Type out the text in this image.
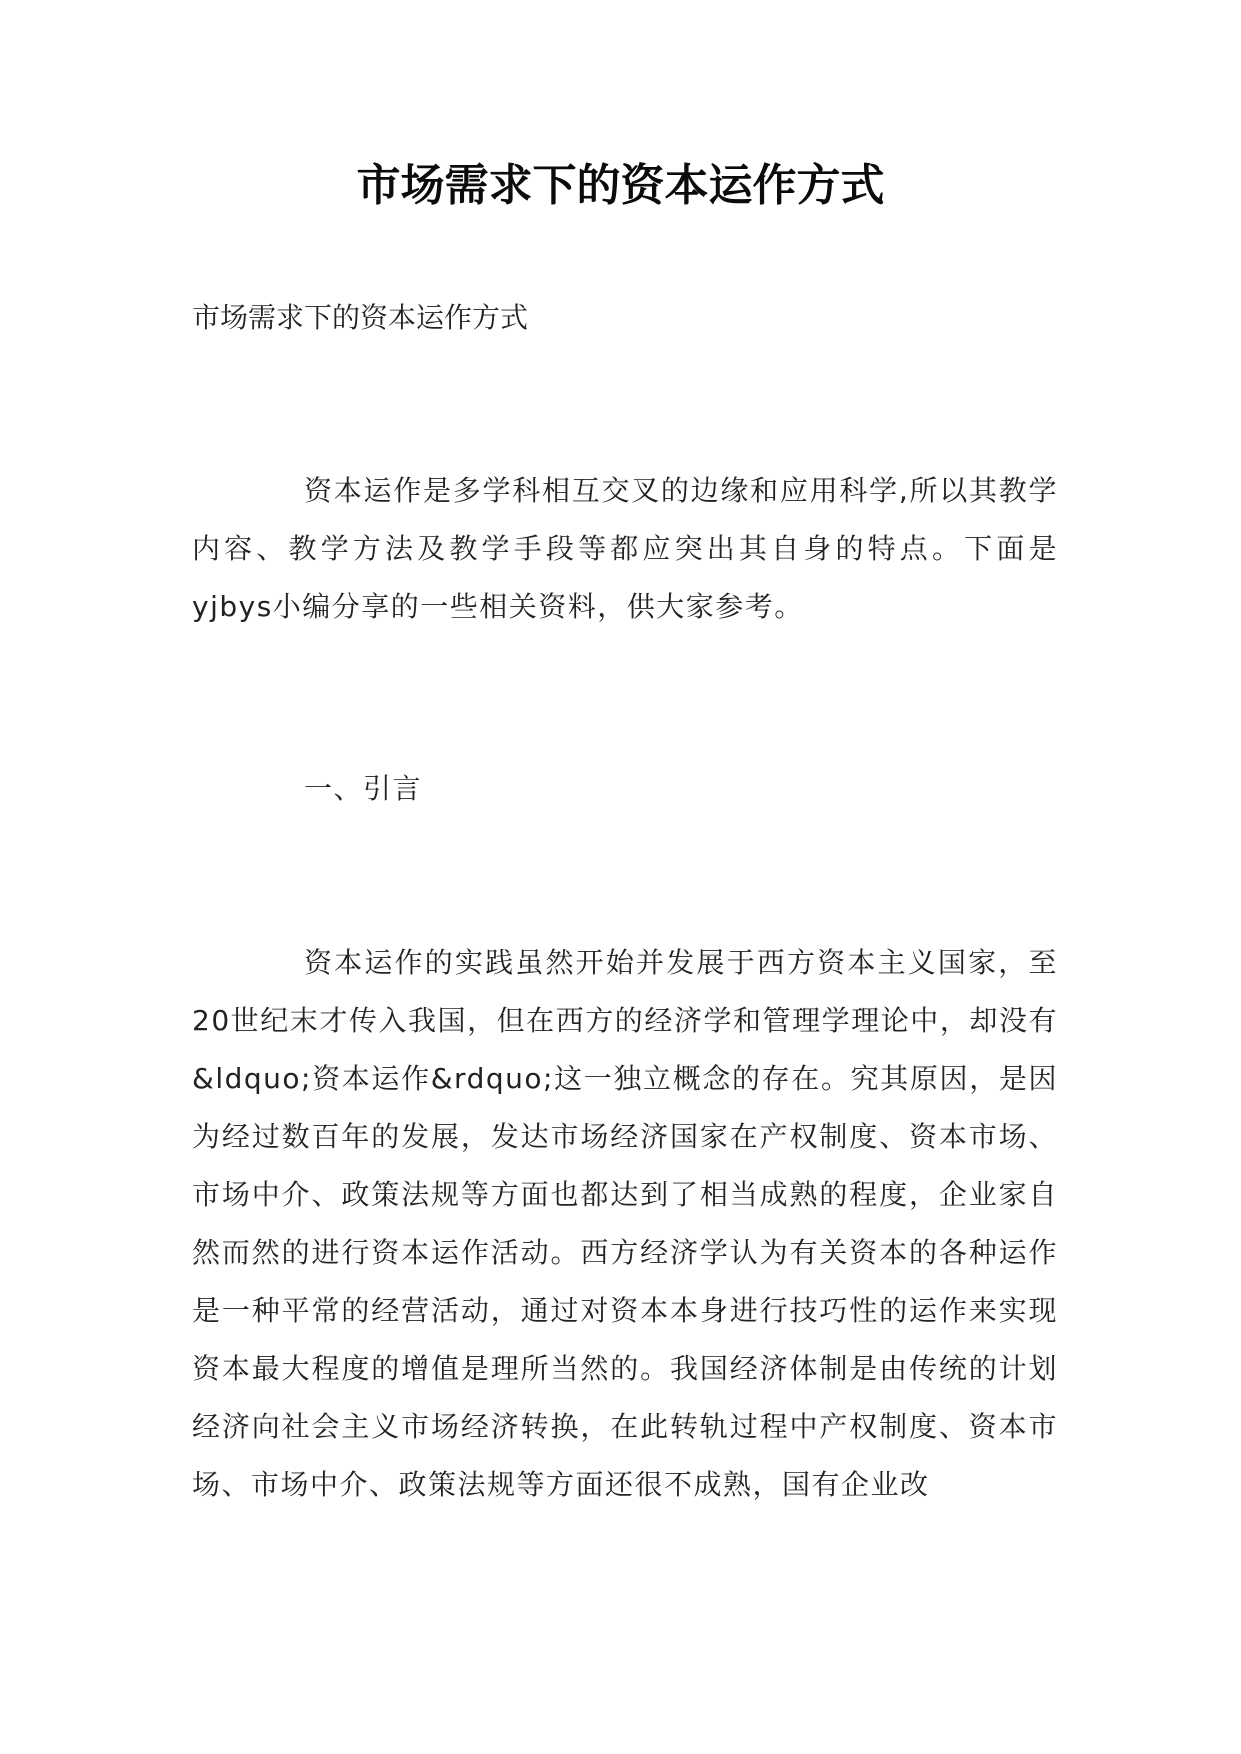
市场需求下的资本运作方式

市场需求下的资本运作方式

资本运作是多学科相互交叉的边缘和应用科学,所以其教学内容、教学方法及教学手段等都应突出其自身的特点。下面是yjbys小编分享的一些相关资料，供大家参考。

一、引言

资本运作的实践虽然开始并发展于西方资本主义国家，至20世纪末才传入我国，但在西方的经济学和管理学理论中，却没有&ldquo;资本运作&rdquo;这一独立概念的存在。究其原因，是因为经过数百年的发展，发达市场经济国家在产权制度、资本市场、市场中介、政策法规等方面也都达到了相当成熟的程度，企业家自然而然的进行资本运作活动。西方经济学认为有关资本的各种运作是一种平常的经营活动，通过对资本本身进行技巧性的运作来实现资本最大程度的增值是理所当然的。我国经济体制是由传统的计划经济向社会主义市场经济转换，在此转轨过程中产权制度、资本市场、市场中介、政策法规等方面还很不成熟，国有企业改
